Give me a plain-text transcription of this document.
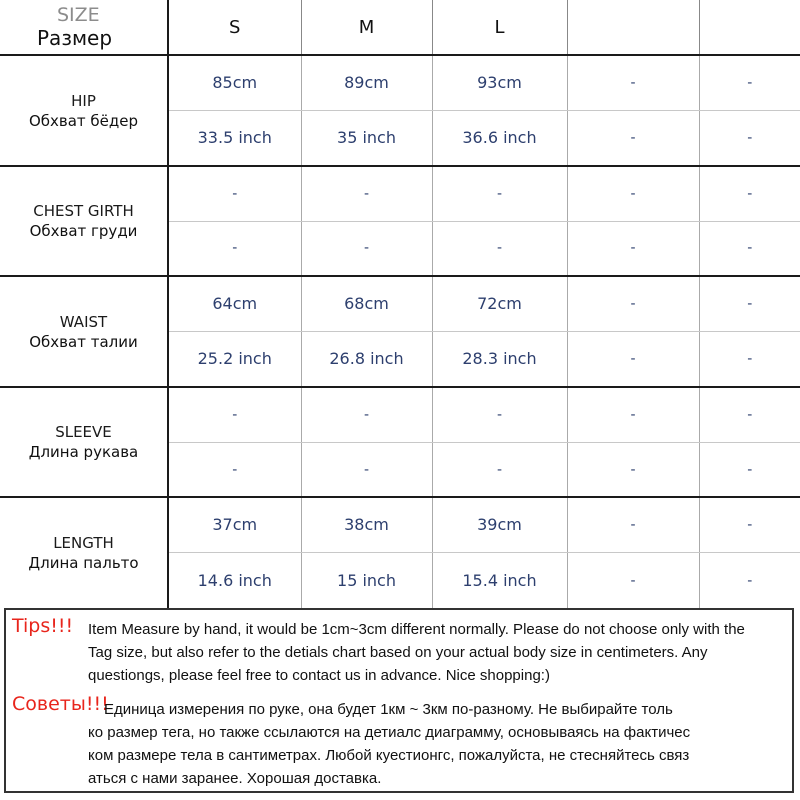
SIZE
Размер	S	M	L		

HIP
Обхват бёдер	85cm	89cm	93cm	-	-
	33.5 inch	35 inch	36.6 inch	-	-

CHEST GIRTH
Обхват груди	-	-	-	-	-
	-	-	-	-	-

WAIST
Обхват талии	64cm	68cm	72cm	-	-
	25.2 inch	26.8 inch	28.3 inch	-	-

SLEEVE
Длина рукава	-	-	-	-	-
	-	-	-	-	-

LENGTH
Длина пальто	37cm	38cm	39cm	-	-
	14.6 inch	15 inch	15.4 inch	-	-
Tips!!! Item Measure by hand, it would be 1cm~3cm different normally. Please do not choose only with the
Tag size, but also refer to the detials chart based on your actual body size in centimeters. Any
questiongs, please feel free to contact us in advance. Nice shopping:)
Советы!!!
Единица измерения по руке, она будет 1км ~ 3км по-разному. Не выбирайте толь
ко размер тега, но также ссылаются на детиалс диаграмму, основываясь на фактичес
ком размере тела в сантиметрах. Любой куестионгс, пожалуйста, не стесняйтесь связ
аться с нами заранее. Хорошая доставка.
